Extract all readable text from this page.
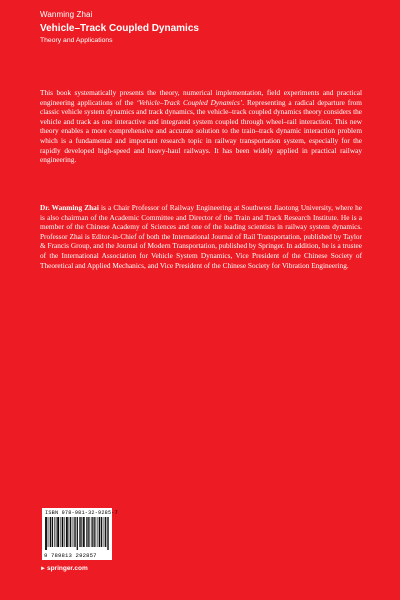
Wanming Zhai
Vehicle–Track Coupled Dynamics
Theory and Applications
This book systematically presents the theory, numerical implementation, field experiments and practical engineering applications of the ‘Vehicle–Track Coupled Dynamics’. Representing a radical departure from classic vehicle system dynamics and track dynamics, the vehicle–track coupled dynamics theory considers the vehicle and track as one interactive and integrated system coupled through wheel–rail interaction. This new theory enables a more comprehensive and accurate solution to the train–track dynamic interaction problem which is a fundamental and important research topic in railway transportation system, especially for the rapidly developed high-speed and heavy-haul railways. It has been widely applied in practical railway engineering.
Dr. Wanming Zhai is a Chair Professor of Railway Engineering at Southwest Jiaotong University, where he is also chairman of the Academic Committee and Director of the Train and Track Research Institute. He is a member of the Chinese Academy of Sciences and one of the leading scientists in railway system dynamics. Professor Zhai is Editor-in-Chief of both the International Journal of Rail Transportation, published by Taylor & Francis Group, and the Journal of Modern Transportation, published by Springer. In addition, he is a trustee of the International Association for Vehicle System Dynamics, Vice President of the Chinese Society of Theoretical and Applied Mechanics, and Vice President of the Chinese Society for Vibration Engineering.
ISBN 978-981-32-9285-7
9 789813 292857
►springer.com
